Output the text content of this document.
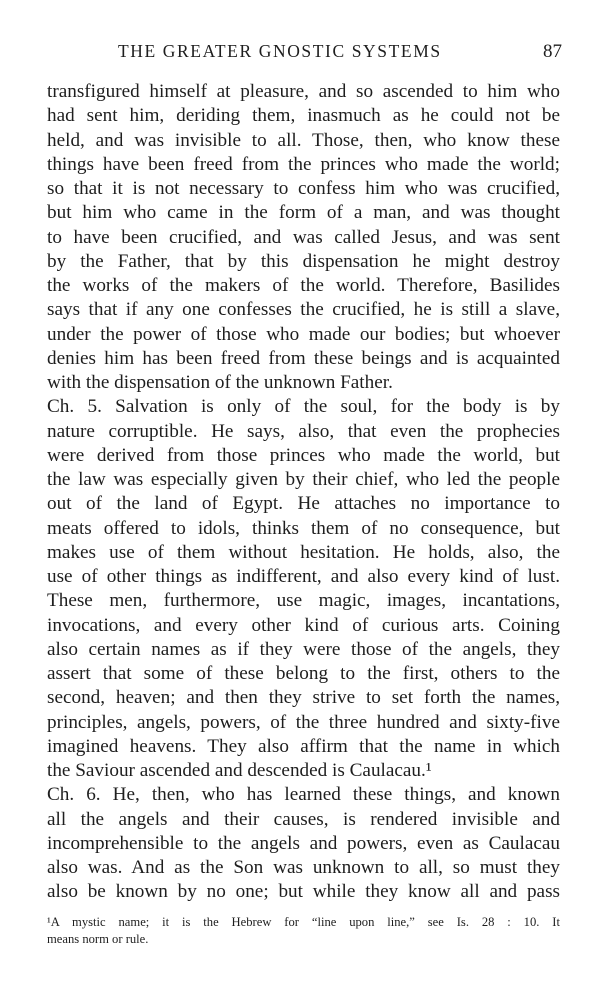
THE GREATER GNOSTIC SYSTEMS	87
transfigured himself at pleasure, and so ascended to him who
had sent him, deriding them, inasmuch as he could not be
held, and was invisible to all. Those, then, who know these
things have been freed from the princes who made the world;
so that it is not necessary to confess him who was crucified,
but him who came in the form of a man, and was thought
to have been crucified, and was called Jesus, and was sent
by the Father, that by this dispensation he might destroy
the works of the makers of the world. Therefore, Basilides
says that if any one confesses the crucified, he is still a slave,
under the power of those who made our bodies; but whoever
denies him has been freed from these beings and is acquainted
with the dispensation of the unknown Father.
Ch. 5. Salvation is only of the soul, for the body is by
nature corruptible. He says, also, that even the prophecies
were derived from those princes who made the world, but
the law was especially given by their chief, who led the people
out of the land of Egypt. He attaches no importance to
meats offered to idols, thinks them of no consequence, but
makes use of them without hesitation. He holds, also, the
use of other things as indifferent, and also every kind of lust.
These men, furthermore, use magic, images, incantations,
invocations, and every other kind of curious arts. Coining
also certain names as if they were those of the angels, they
assert that some of these belong to the first, others to the
second, heaven; and then they strive to set forth the names,
principles, angels, powers, of the three hundred and sixty-five
imagined heavens. They also affirm that the name in which
the Saviour ascended and descended is Caulacau.¹
Ch. 6. He, then, who has learned these things, and known
all the angels and their causes, is rendered invisible and
incomprehensible to the angels and powers, even as Caulacau
also was. And as the Son was unknown to all, so must they
also be known by no one; but while they know all and pass
¹A mystic name; it is the Hebrew for “line upon line,” see Is. 28 : 10. It
means norm or rule.
